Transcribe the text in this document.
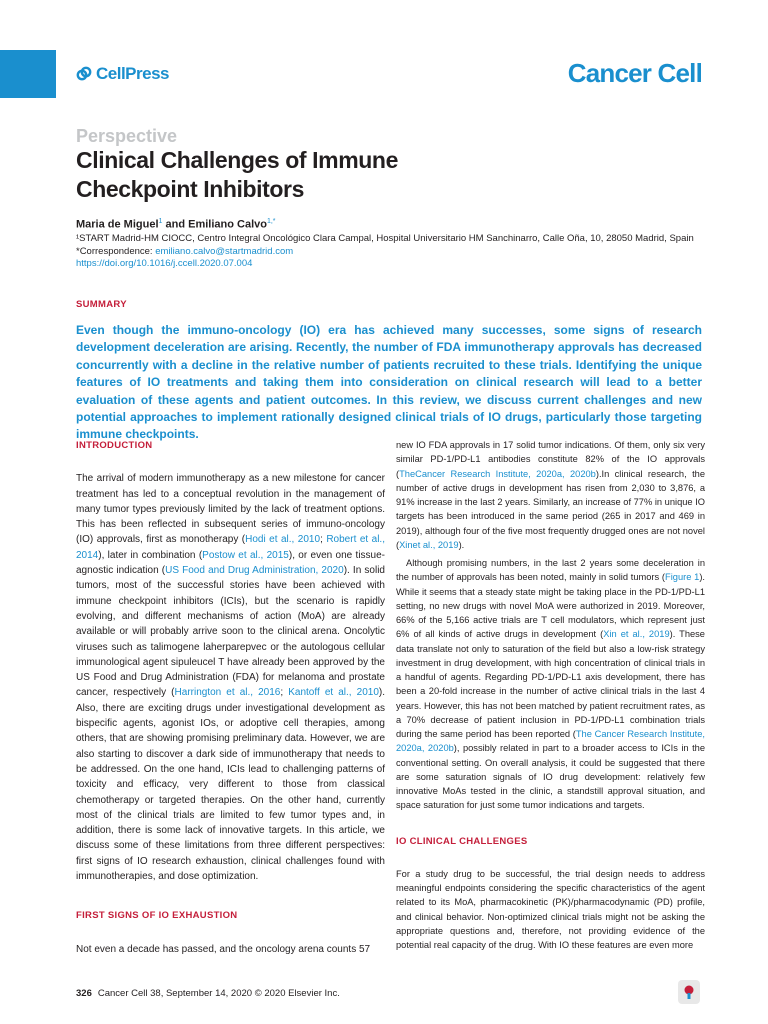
CellPress	Cancer Cell
Perspective
Clinical Challenges of Immune
Checkpoint Inhibitors
Maria de Miguel$^1$ and Emiliano Calvo$^{1,*}$
¹START Madrid-HM CIOCC, Centro Integral Oncológico Clara Campal, Hospital Universitario HM Sanchinarro, Calle Oña, 10, 28050 Madrid, Spain
*Correspondence: emiliano.calvo@startmadrid.com
https://doi.org/10.1016/j.ccell.2020.07.004
SUMMARY

Even though the immuno-oncology (IO) era has achieved many successes, some signs of research development deceleration are arising. Recently, the number of FDA immunotherapy approvals has decreased concurrently with a decline in the relative number of patients recruited to these trials. Identifying the unique features of IO treatments and taking them into consideration on clinical research will lead to a better evaluation of these agents and patient outcomes. In this review, we discuss current challenges and new potential approaches to implement rationally designed clinical trials of IO drugs, particularly those targeting immune checkpoints.

INTRODUCTION

The arrival of modern immunotherapy as a new milestone for cancer treatment has led to a conceptual revolution in the management of many tumor types previously limited by the lack of treatment options. This has been reflected in subsequent series of immuno-oncology (IO) approvals, first as monotherapy (Hodi et al., 2010; Robert et al., 2014), later in combination (Postow et al., 2015), or even one tissue-agnostic indication (US Food and Drug Administration, 2020). In solid tumors, most of the successful stories have been achieved with immune checkpoint inhibitors (ICIs), but the scenario is rapidly evolving, and different mechanisms of action (MoA) are already available or will probably arrive soon to the clinical arena. Oncolytic viruses such as talimogene laherparepvec or the autologous cellular immunological agent sipuleucel T have already been approved by the US Food and Drug Administration (FDA) for melanoma and prostate cancer, respectively (Harrington et al., 2016; Kantoff et al., 2010). Also, there are exciting drugs under investigational development as bispecific agents, agonist IOs, or adoptive cell therapies, among others, that are showing promising preliminary data. However, we are also starting to discover a dark side of immunotherapy that needs to be addressed. On the one hand, ICIs lead to challenging patterns of toxicity and efficacy, very different to those from classical chemotherapy or targeted therapies. On the other hand, currently most of the clinical trials are limited to few tumor types and, in addition, there is some lack of innovative targets. In this article, we discuss some of these limitations from three different perspectives: first signs of IO research exhaustion, clinical challenges found with immunotherapies, and dose optimization.

FIRST SIGNS OF IO EXHAUSTION

Not even a decade has passed, and the oncology arena counts 57

new IO FDA approvals in 17 solid tumor indications. Of them, only six very similar PD-1/PD-L1 antibodies constitute 82% of the IO approvals (TheCancer Research Institute, 2020a, 2020b).In clinical research, the number of active drugs in development has risen from 2,030 to 3,876, a 91% increase in the last 2 years. Similarly, an increase of 77% in unique IO targets has been introduced in the same period (265 in 2017 and 469 in 2019), although four of the five most frequently drugged ones are not novel (Xinet al., 2019).

Although promising numbers, in the last 2 years some deceleration in the number of approvals has been noted, mainly in solid tumors (Figure 1). While it seems that a steady state might be taking place in the PD-1/PD-L1 setting, no new drugs with novel MoA were authorized in 2019. Moreover, 66% of the 5,166 active trials are T cell modulators, which represent just 6% of all kinds of active drugs in development (Xin et al., 2019). These data translate not only to saturation of the field but also a low-risk strategy investment in drug development, with high concentration of clinical trials in a handful of agents. Regarding PD-1/PD-L1 axis development, there has been a 20-fold increase in the number of active clinical trials in the last 4 years. However, this has not been matched by patient recruitment rates, as a 70% decrease of patient inclusion in PD-1/PD-L1 combination trials during the same period has been reported (The Cancer Research Institute, 2020a, 2020b), possibly related in part to a broader access to ICIs in the conventional setting. On overall analysis, it could be suggested that there are some saturation signals of IO drug development: relatively few innovative MoAs tested in the clinic, a standstill approval situation, and space saturation for just some tumor indications and targets.

IO CLINICAL CHALLENGES

For a study drug to be successful, the trial design needs to address meaningful endpoints considering the specific characteristics of the agent related to its MoA, pharmacokinetic (PK)/pharmacodynamic (PD) profile, and clinical behavior. Non-optimized clinical trials might not be asking the appropriate questions and, therefore, not providing evidence of the potential real capacity of the drug. With IO these features are even more

326 Cancer Cell 38, September 14, 2020 © 2020 Elsevier Inc.
